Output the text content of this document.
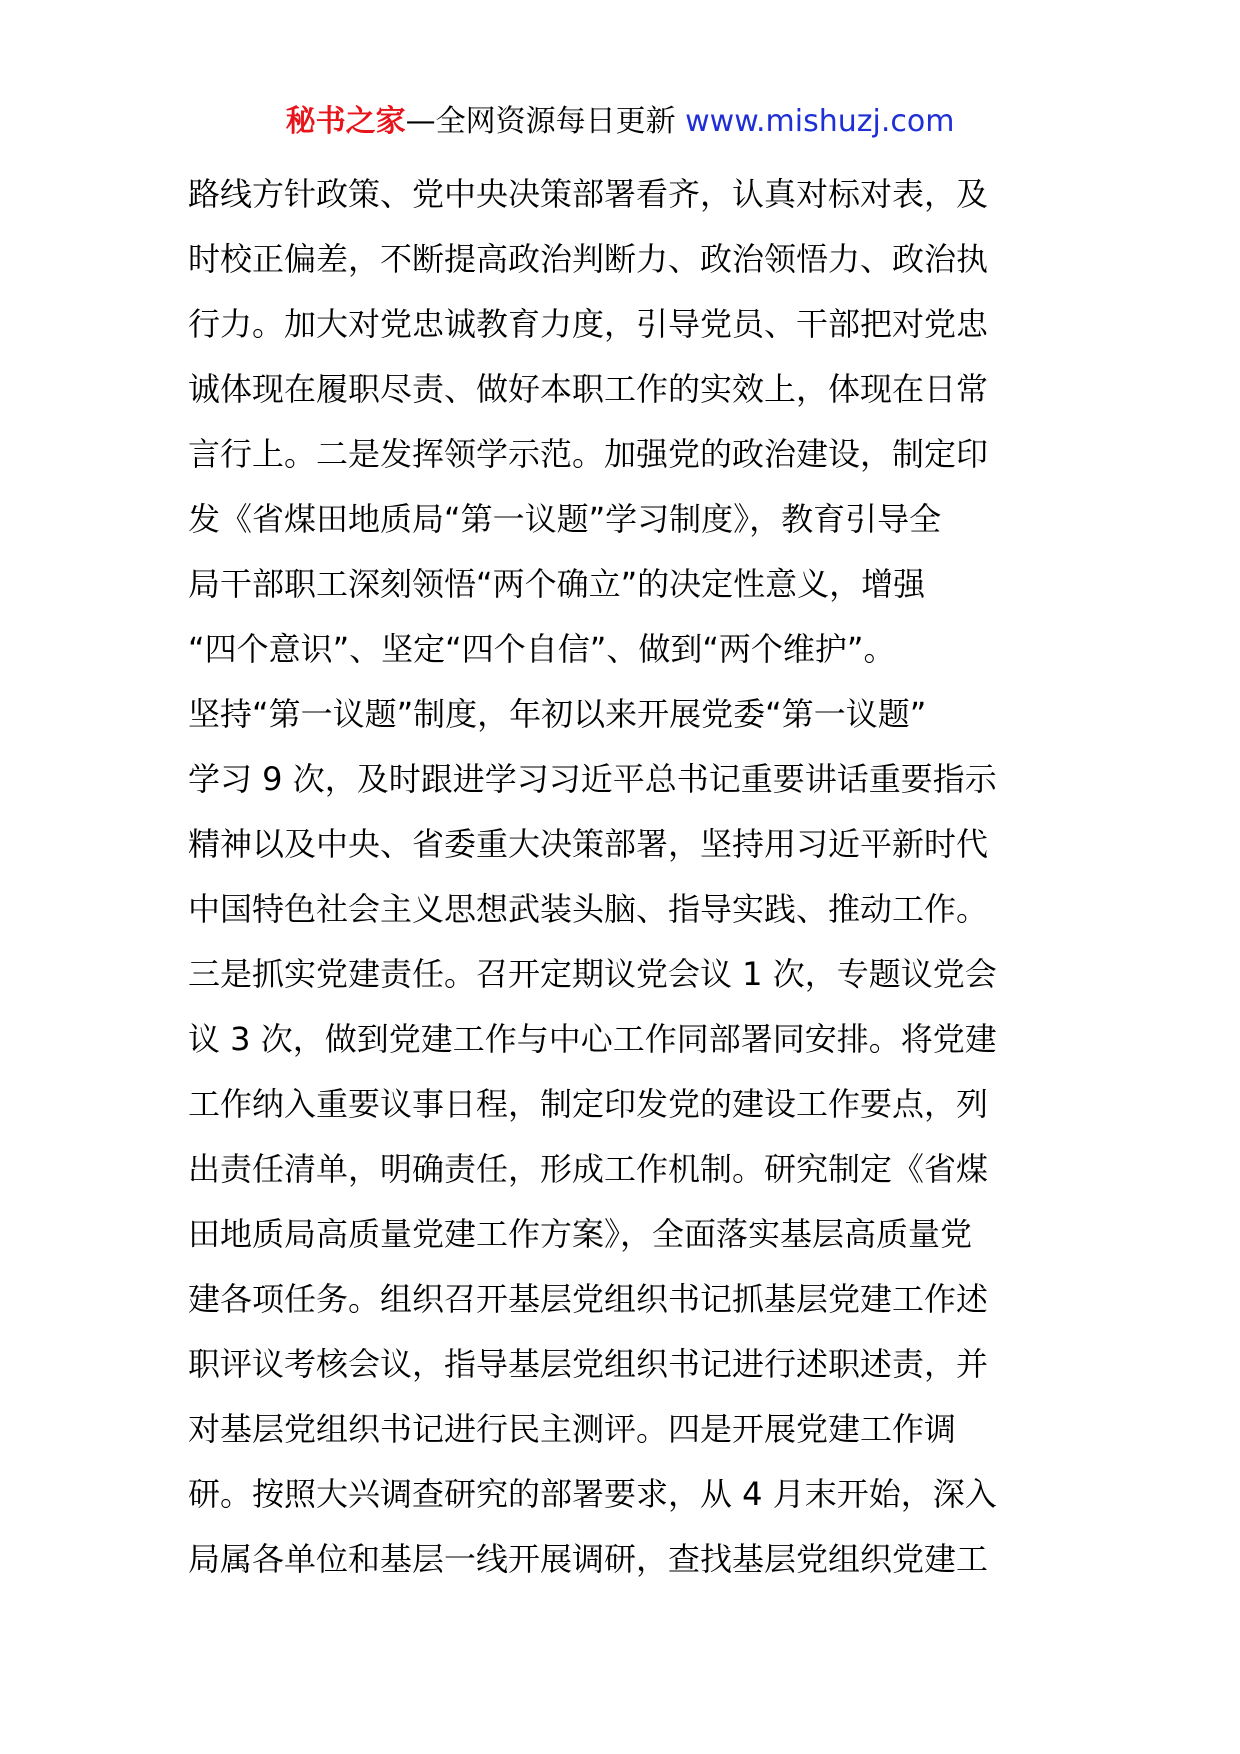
秘书之家—全网资源每日更新 www.mishuzj.com
路线方针政策、党中央决策部署看齐，认真对标对表，及
时校正偏差，不断提高政治判断力、政治领悟力、政治执
行力。加大对党忠诚教育力度，引导党员、干部把对党忠
诚体现在履职尽责、做好本职工作的实效上，体现在日常
言行上。二是发挥领学示范。加强党的政治建设，制定印
发《省煤田地质局“第一议题”学习制度》，教育引导全
局干部职工深刻领悟“两个确立”的决定性意义，增强
“四个意识”、坚定“四个自信”、做到“两个维护”。
坚持“第一议题”制度，年初以来开展党委“第一议题”
学习 9 次，及时跟进学习习近平总书记重要讲话重要指示
精神以及中央、省委重大决策部署，坚持用习近平新时代
中国特色社会主义思想武装头脑、指导实践、推动工作。
三是抓实党建责任。召开定期议党会议 1 次，专题议党会
议 3 次，做到党建工作与中心工作同部署同安排。将党建
工作纳入重要议事日程，制定印发党的建设工作要点，列
出责任清单，明确责任，形成工作机制。研究制定《省煤
田地质局高质量党建工作方案》，全面落实基层高质量党
建各项任务。组织召开基层党组织书记抓基层党建工作述
职评议考核会议，指导基层党组织书记进行述职述责，并
对基层党组织书记进行民主测评。四是开展党建工作调
研。按照大兴调查研究的部署要求，从 4 月末开始，深入
局属各单位和基层一线开展调研，查找基层党组织党建工
